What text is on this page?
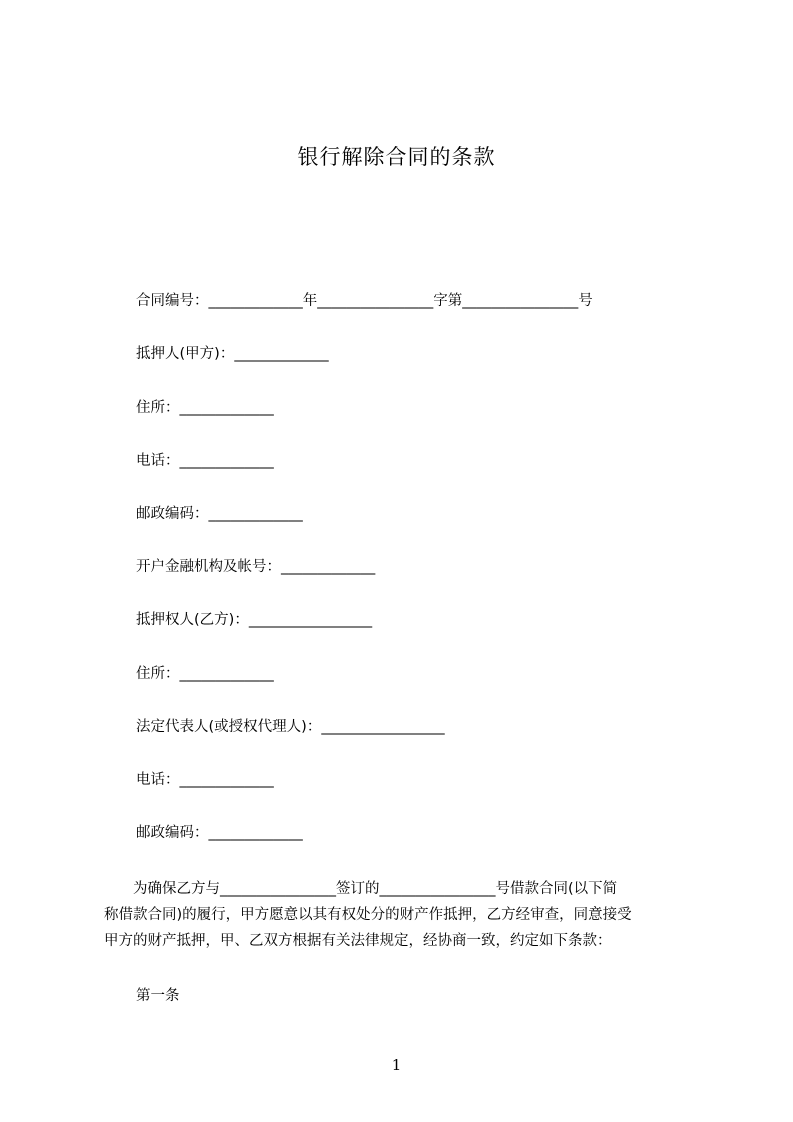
银行解除合同的条款
合同编号：_____________年________________字第________________号
抵押人(甲方)：_____________
住所：_____________
电话：_____________
邮政编码：_____________
开户金融机构及帐号：_____________
抵押权人(乙方)：_________________
住所：_____________
法定代表人(或授权代理人)：_________________
电话：_____________
邮政编码：_____________
　　为确保乙方与________________签订的________________号借款合同(以下简
称借款合同)的履行，甲方愿意以其有权处分的财产作抵押，乙方经审查，同意接受
甲方的财产抵押，甲、乙双方根据有关法律规定，经协商一致，约定如下条款：
第一条
1
